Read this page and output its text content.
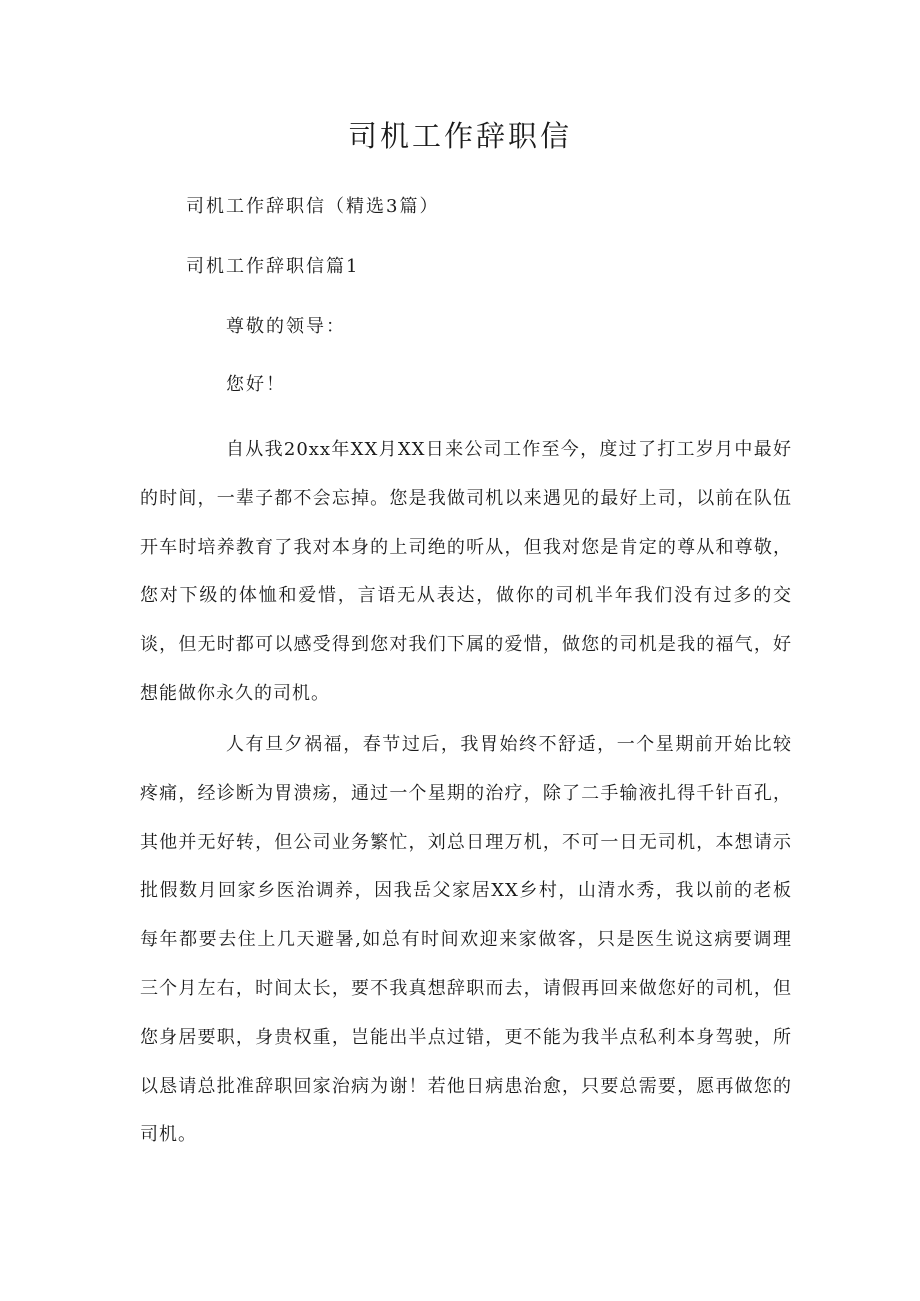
司机工作辞职信

司机工作辞职信（精选3篇）

司机工作辞职信篇1

尊敬的领导：

您好！

自从我20xx年XX月XX日来公司工作至今，度过了打工岁月中最好的时间，一辈子都不会忘掉。您是我做司机以来遇见的最好上司，以前在队伍开车时培养教育了我对本身的上司绝的听从，但我对您是肯定的尊从和尊敬，您对下级的体恤和爱惜，言语无从表达，做你的司机半年我们没有过多的交谈，但无时都可以感受得到您对我们下属的爱惜，做您的司机是我的福气，好想能做你永久的司机。

人有旦夕祸福，春节过后，我胃始终不舒适，一个星期前开始比较疼痛，经诊断为胃溃疡，通过一个星期的治疗，除了二手输液扎得千针百孔，其他并无好转，但公司业务繁忙，刘总日理万机，不可一日无司机，本想请示批假数月回家乡医治调养，因我岳父家居XX乡村，山清水秀，我以前的老板每年都要去住上几天避暑,如总有时间欢迎来家做客，只是医生说这病要调理三个月左右，时间太长，要不我真想辞职而去，请假再回来做您好的司机，但您身居要职，身贵权重，岂能出半点过错，更不能为我半点私利本身驾驶，所以恳请总批准辞职回家治病为谢！若他日病患治愈，只要总需要，愿再做您的司机。
